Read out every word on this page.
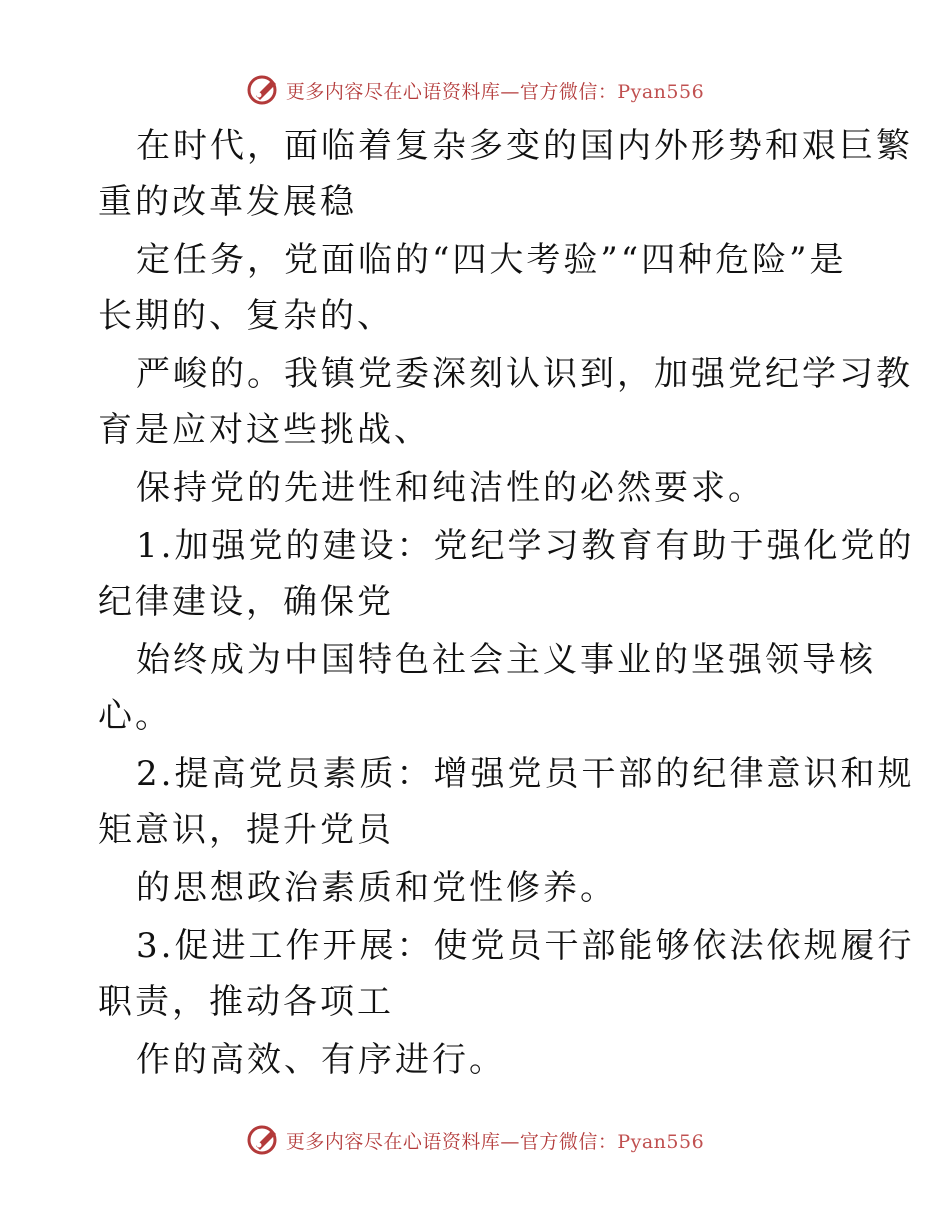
更多内容尽在心语资料库—官方微信：Pyan556

在时代，面临着复杂多变的国内外形势和艰巨繁

重的改革发展稳

定任务，党面临的“四大考验”“四种危险”是

长期的、复杂的、

严峻的。我镇党委深刻认识到，加强党纪学习教

育是应对这些挑战、

保持党的先进性和纯洁性的必然要求。

1.加强党的建设：党纪学习教育有助于强化党的

纪律建设，确保党

始终成为中国特色社会主义事业的坚强领导核

心。

2.提高党员素质：增强党员干部的纪律意识和规

矩意识，提升党员

的思想政治素质和党性修养。

3.促进工作开展：使党员干部能够依法依规履行

职责，推动各项工

作的高效、有序进行。

更多内容尽在心语资料库—官方微信：Pyan556
